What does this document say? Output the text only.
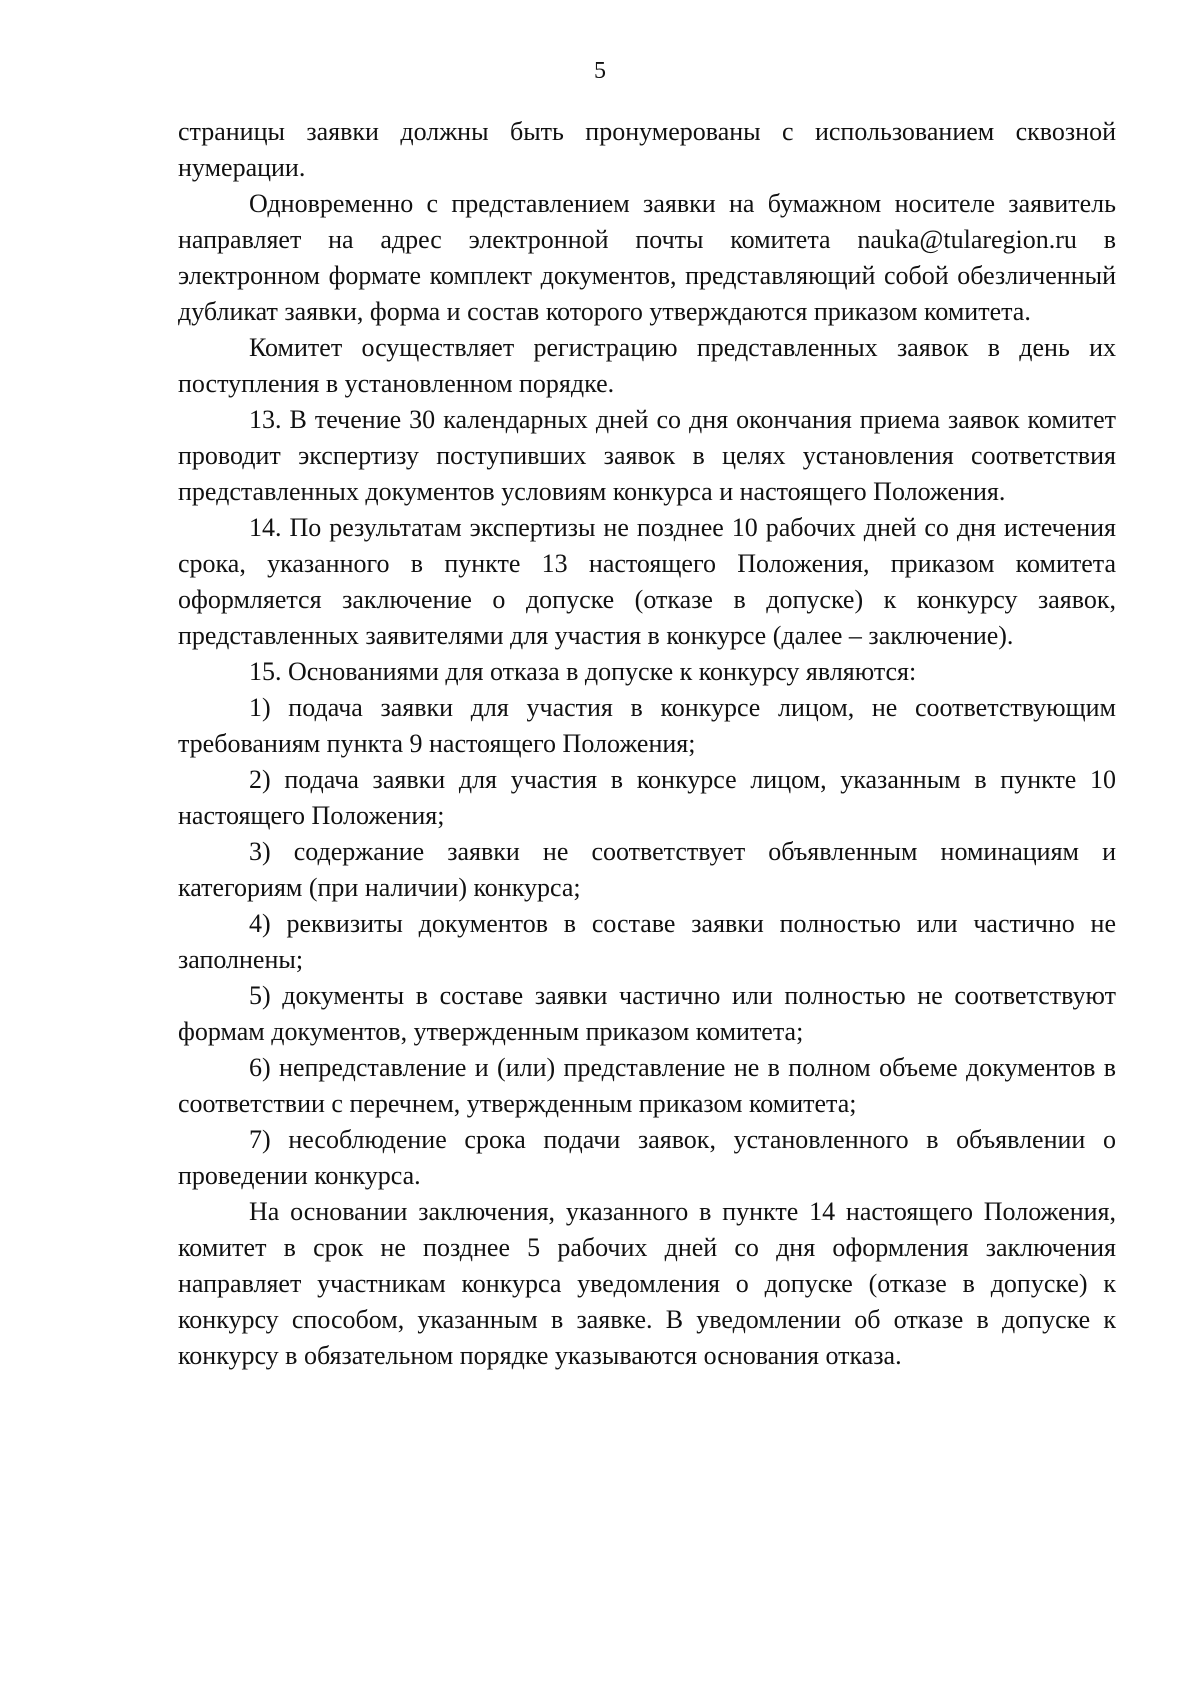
5

страницы заявки должны быть пронумерованы с использованием сквозной нумерации.

Одновременно с представлением заявки на бумажном носителе заявитель направляет на адрес электронной почты комитета nauka@tularegion.ru в электронном формате комплект документов, представляющий собой обезличенный дубликат заявки, форма и состав которого утверждаются приказом комитета.

Комитет осуществляет регистрацию представленных заявок в день их поступления в установленном порядке.

13. В течение 30 календарных дней со дня окончания приема заявок комитет проводит экспертизу поступивших заявок в целях установления соответствия представленных документов условиям конкурса и настоящего Положения.

14. По результатам экспертизы не позднее 10 рабочих дней со дня истечения срока, указанного в пункте 13 настоящего Положения, приказом комитета оформляется заключение о допуске (отказе в допуске) к конкурсу заявок, представленных заявителями для участия в конкурсе (далее – заключение).

15. Основаниями для отказа в допуске к конкурсу являются:

1) подача заявки для участия в конкурсе лицом, не соответствующим требованиям пункта 9 настоящего Положения;

2) подача заявки для участия в конкурсе лицом, указанным в пункте 10 настоящего Положения;

3) содержание заявки не соответствует объявленным номинациям и категориям (при наличии) конкурса;

4) реквизиты документов в составе заявки полностью или частично не заполнены;

5) документы в составе заявки частично или полностью не соответствуют формам документов, утвержденным приказом комитета;

6) непредставление и (или) представление не в полном объеме документов в соответствии с перечнем, утвержденным приказом комитета;

7) несоблюдение срока подачи заявок, установленного в объявлении о проведении конкурса.

На основании заключения, указанного в пункте 14 настоящего Положения, комитет в срок не позднее 5 рабочих дней со дня оформления заключения направляет участникам конкурса уведомления о допуске (отказе в допуске) к конкурсу способом, указанным в заявке. В уведомлении об отказе в допуске к конкурсу в обязательном порядке указываются основания отказа.
